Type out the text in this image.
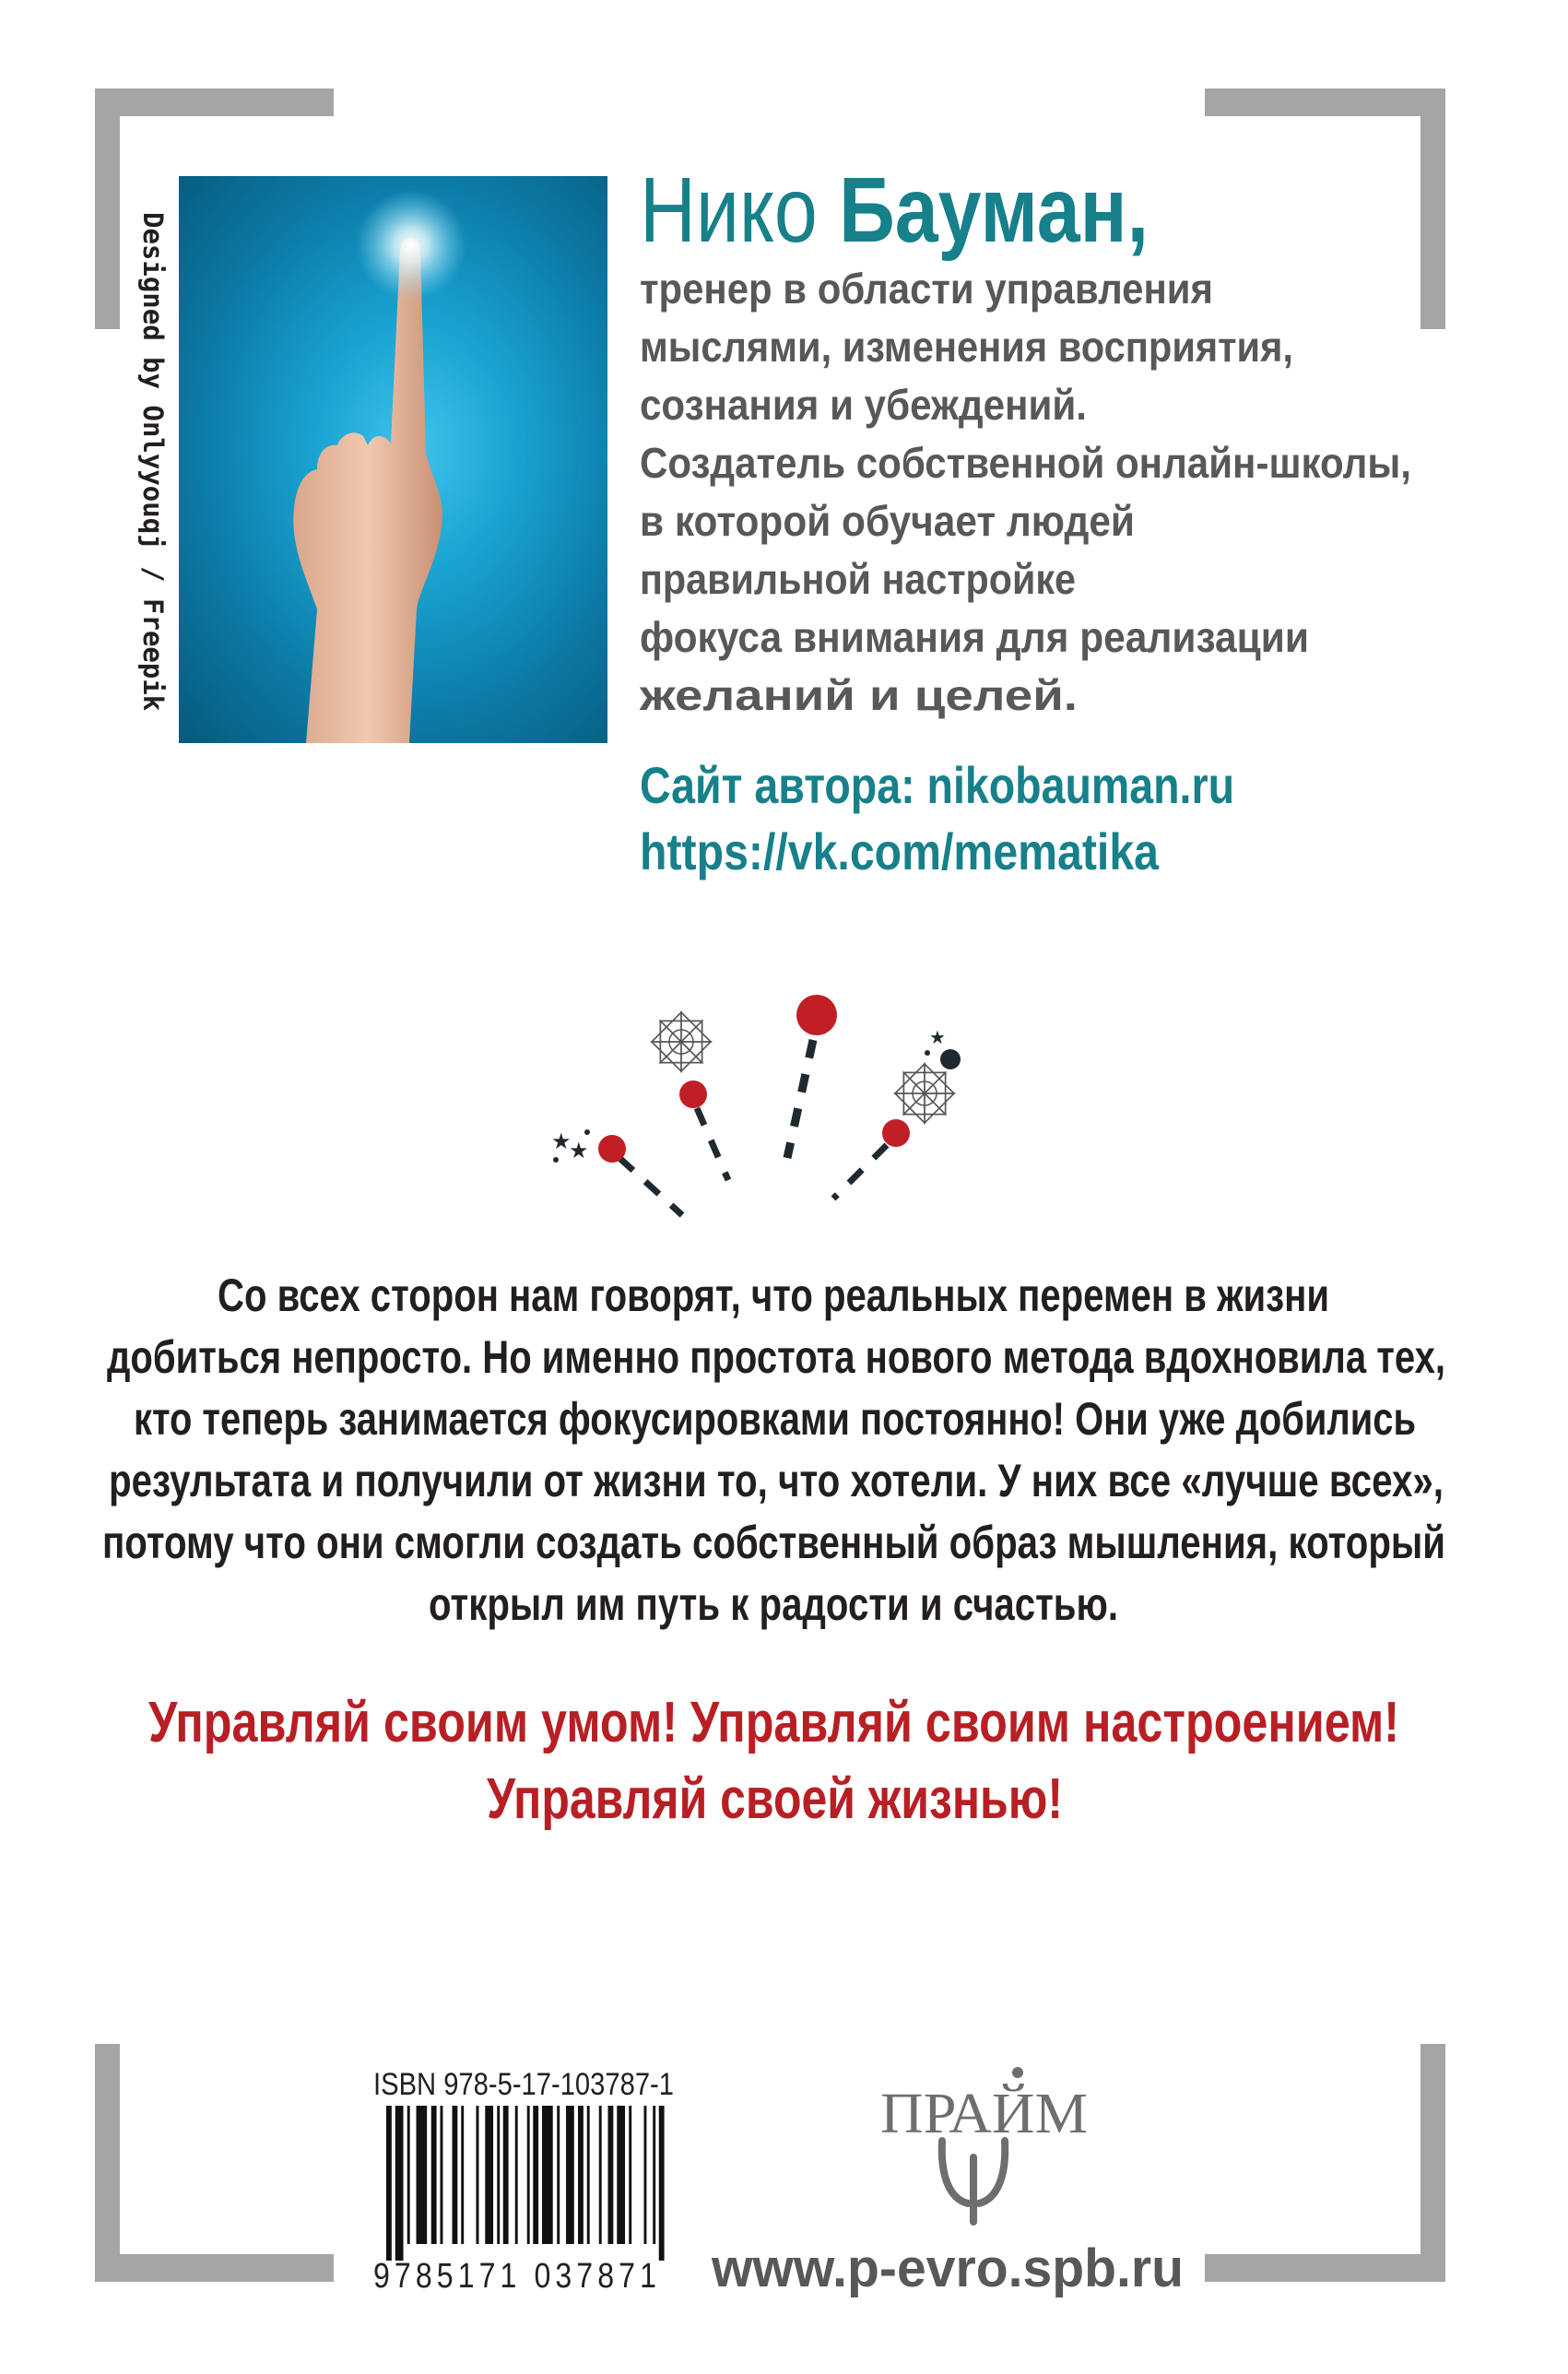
Designed by Onlyyouqj / Freepik
Нико Бауман,
тренер в области управления
мыслями, изменения восприятия,
сознания и убеждений.
Создатель собственной онлайн-школы,
в которой обучает людей
правильной настройке
фокуса внимания для реализации
желаний и целей.
Сайт автора: nikobauman.ru
https://vk.com/mematika
★
★
★
Со всех сторон нам говорят, что реальных перемен в жизни
добиться непросто. Но именно простота нового метода вдохновила тех,
кто теперь занимается фокусировками постоянно! Они уже добились
результата и получили от жизни то, что хотели. У них все «лучше всех»,
потому что они смогли создать собственный образ мышления, который
открыл им путь к радости и счастью.
Управляй своим умом! Управляй своим настроением!
Управляй своей жизнью!
ISBN 978-5-17-103787-1
9785171 037871
ПРАЙМ
www.p-evro.spb.ru
